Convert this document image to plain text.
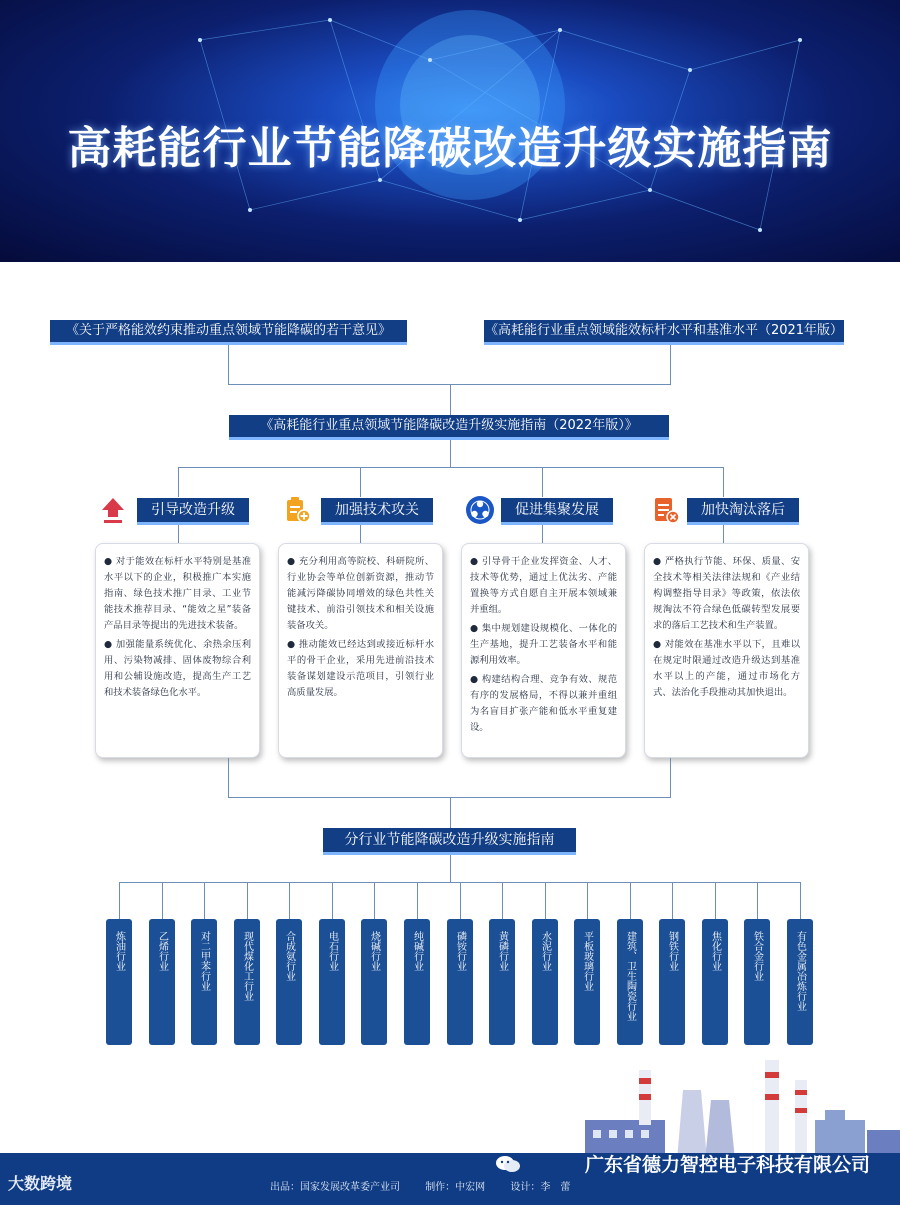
高耗能行业节能降碳改造升级实施指南
《关于严格能效约束推动重点领域节能降碳的若干意见》	《高耗能行业重点领域能效标杆水平和基准水平（2021年版）
《高耗能行业重点领域节能降碳改造升级实施指南（2022年版）》
引导改造升级	加强技术攻关	促进集聚发展	加快淘汰落后

● 对于能效在标杆水平特别是基准水平以下的企业，积极推广本实施指南、绿色技术推广目录、工业节能技术推荐目录、“能效之星”装备产品目录等提出的先进技术装备。

● 加强能量系统优化、余热余压利用、污染物减排、固体废物综合利用和公辅设施改造，提高生产工艺和技术装备绿色化水平。

● 充分利用高等院校、科研院所、行业协会等单位创新资源，推动节能减污降碳协同增效的绿色共性关键技术、前沿引领技术和相关设施装备攻关。

● 推动能效已经达到或接近标杆水平的骨干企业，采用先进前沿技术装备谋划建设示范项目，引领行业高质量发展。

● 引导骨干企业发挥资金、人才、技术等优势，通过上优汰劣、产能置换等方式自愿自主开展本领域兼并重组。

● 集中规划建设规模化、一体化的生产基地，提升工艺装备水平和能源利用效率。

● 构建结构合理、竞争有效、规范有序的发展格局，不得以兼并重组为名盲目扩张产能和低水平重复建设。

● 严格执行节能、环保、质量、安全技术等相关法律法规和《产业结构调整指导目录》等政策，依法依规淘汰不符合绿色低碳转型发展要求的落后工艺技术和生产装置。

● 对能效在基准水平以下，且难以在规定时限通过改造升级达到基准水平以上的产能，通过市场化方式、法治化手段推动其加快退出。

分行业节能降碳改造升级实施指南
炼油行业	乙烯行业	对二甲苯行业	现代煤化工行业	合成氨行业	电石行业	烧碱行业	纯碱行业	磷铵行业	黄磷行业	水泥行业	平板玻璃行业	建筑、卫生陶瓷行业	钢铁行业	焦化行业	铁合金行业	有色金属冶炼行业
大数跨境	出品：国家发展改革委产业司	制作：中宏网	设计：李　蕾
广东省德力智控电子科技有限公司
